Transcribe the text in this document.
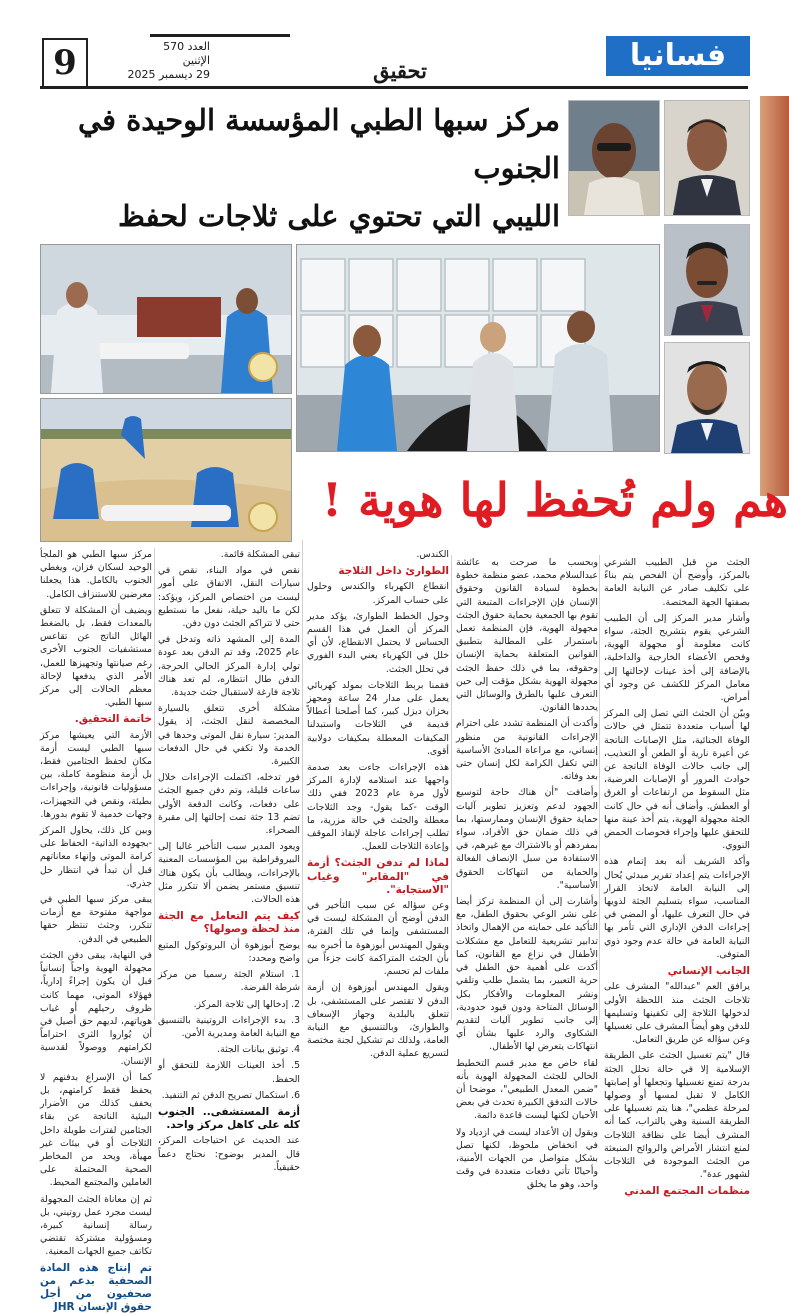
فسانيا
تحقيق
9	العدد 570
الإثنين
29 ديسمبر 2025
مركز سبها الطبي المؤسسة الوحيدة في الجنوب
الليبي التي تحتوي على ثلاجات لحفظ
هم ولم تُحفظ لها هوية !

الجثث من قبل الطبيب الشرعي بالمركز، وأوضح أن الفحص يتم بناءً على تكليف صادر عن النيابة العامة بصفتها الجهة المختصة.

وأشار مدير المركز إلى أن الطبيب الشرعي يقوم بتشريح الجثة، سواء كانت معلومة أو مجهولة الهوية، وفحص الأعضاء الخارجية والداخلية، بالإضافة إلى أخذ عينات لإحالتها إلى معامل المركز للكشف عن وجود أي أمراض.

وبيّن أن الجثث التي تصل إلى المركز لها أسباب متعددة تتمثل في حالات الوفاة الجنائية، مثل الإصابات الناتجة عن أعيرة نارية أو الطعن أو التعذيب، إلى جانب حالات الوفاة الناتجة عن حوادث المرور أو الإصابات العرضية، مثل السقوط من ارتفاعات أو الغرق أو العطش. وأضاف أنه في حال كانت الجثة مجهولة الهوية، يتم أخذ عينة منها للتحقق عليها وإجراء فحوصات الحمض النووي.

وأكد الشريف أنه بعد إتمام هذه الإجراءات يتم إعداد تقرير مبدئي يُحال إلى النيابة العامة لاتخاذ القرار المناسب، سواء بتسليم الجثة لذويها في حال التعرف عليها، أو المضي في إجراءات الدفن الإداري التي تأمر بها النيابة العامة في حالة عدم وجود ذوي المتوفى.

الجانب الإنساني

يرافق العم "عبدالله" المشرف على ثلاجات الجثث منذ اللحظة الأولى لدخولها الثلاجة إلى تكفينها وتسليمها للدفن وهو أيضاً المشرف على تغسيلها وعن سؤاله عن طريق التعامل.

قال "يتم تغسيل الجثث على الطريقة الإسلامية إلا في حالة تحلل الجثة بدرجة تمنع تغسيلها وتجعلها أو إصابتها الكامل لا تقبل لمسها أو وصولها لمرحلة عظمي"، هنا يتم تغسيلها على الطريقة السنية وهي بالتراب، كما أنه المشرف أيضا على نظافة الثلاجات لمنع انتشار الأمراض والروائح المنبعثة من الجثث الموجودة في الثلاجات لشهور عدة".

منظمات المجتمع المدني

وبحسب ما صرحت به عائشة عبدالسلام محمد، عضو منظمة خطوة بخطوة لسيادة القانون وحقوق الإنسان فإن الإجراءات المتبعة التي تقوم بها الجمعية بحماية حقوق الجثث مجهولة الهوية، فإن المنظمة تعمل باستمرار على المطالبة بتطبيق القوانين المتعلقة بحماية الإنسان وحقوقه، بما في ذلك حفظ الجثث مجهولة الهوية بشكل مؤقت إلى حين التعرف عليها بالطرق والوسائل التي يحددها القانون.

وأكدت أن المنظمة تشدد على احترام الإجراءات القانونية من منظور إنساني، مع مراعاة المبادئ الأساسية التي تكفل الكرامة لكل إنسان حتى بعد وفاته.

وأضافت "أن هناك حاجة لتوسيع الجهود لدعم وتعزيز تطوير آليات حماية حقوق الإنسان وممارستها، بما في ذلك ضمان حق الأفراد، سواء بمفردهم أو بالاشتراك مع غيرهم، في الاستفادة من سبل الإنصاف الفعالة والحماية من انتهاكات الحقوق الأساسية".

وأشارت إلى أن المنظمة تركز أيضا على نشر الوعي بحقوق الطفل، مع التأكيد على حمايته من الإهمال واتخاذ تدابير تشريعية للتعامل مع مشكلات الأطفال في نزاع مع القانون، كما أكدت على أهمية حق الطفل في حرية التعبير، بما يشمل طلب وتلقي ونشر المعلومات والأفكار بكل الوسائل المتاحة ودون قيود حدودية، إلى جانب تطوير آليات لتقديم الشكاوى والرد عليها بشأن أي انتهاكات يتعرض لها الأطفال.

لقاء خاص مع مدير قسم التخطيط الحالي للجثث المجهولة الهوية بأنه "ضمن المعدل الطبيعي"، موضحا أن حالات التدفق الكبيرة تحدث في بعض الأحيان لكنها ليست قاعدة دائمة.

ويقول إن الأعداد ليست في ازدياد ولا في انخفاض ملحوظ، لكنها تصل بشكل متواصل من الجهات الأمنية، وأحيانًا تأتي دفعات متعددة في وقت واحد، وهو ما يخلق

الكندس.

الطوارئ داخل الثلاجة

انقطاع الكهرباء والكندس وحلول على حساب المركز.

وحول الخطط الطوارئ، يؤكد مدير المركز أن العمل في هذا القسم الحساس لا يحتمل الانقطاع، لأن أي خلل في الكهرباء يعني البدء الفوري في تحلل الجثث.

فقمنا بربط الثلاجات بمولد كهربائي يعمل على مدار 24 ساعة ومجهز بخزان ديزل كبير، كما أصلحنا أعطالاً قديمة في الثلاجات واستبدلنا المكيفات المعطلة بمكيفات دولابية أقوى.

هذه الإجراءات جاءت بعد صدمة واجهها عند استلامه لإدارة المركز لأول مرة عام 2023 ففي ذلك الوقت -كما يقول- وجد الثلاجات معطلة والجثث في حالة مزرية، ما تطلب إجراءات عاجلة لإنقاذ الموقف وإعادة الثلاجات للعمل.

لماذا لم تدفن الجثث؟ أزمة في "المقابر" وغياب "الاستجابة".

وعن سؤاله عن سبب التأخير في الدفن أوضح أن المشكلة ليست في المستشفى وإنما في تلك الفترة، ويقول المهندس أبوزهوة ما أخبره بيه بأن الجثث المتراكمة كانت جزءاً من ملفات لم تحسم.

ويقول المهندس أبوزهوة إن أزمة الدفن لا تقتصر على المستشفى، بل تتعلق بالبلدية وجهاز الإسعاف والطوارئ، وبالتنسيق مع النيابة العامة، ولذلك تم تشكيل لجنة مختصة لتسريع عملية الدفن.

تبقى المشكلة قائمة.

نقص في مواد البناء، نقص في سيارات النقل، الاتفاق على أمور ليست من اختصاص المركز، ويؤكد: لكن ما باليد حيلة، نفعل ما نستطيع حتى لا تتراكم الجثث دون دفن.

المدة إلى المشهد ذاته وتدخل في عام 2025، وقد تم الدفن بعد عودة تولي إدارة المركز الحالي الحرجة، الدفن طال انتظاره، لم تعد هناك ثلاجة فارغة لاستقبال جثث جديدة.

مشكلة أخرى تتعلق بالسيارة المخصصة لنقل الجثث، إذ يقول المدير: سيارة نقل الموتى وحدها في الخدمة ولا تكفي في حال الدفعات الكبيرة.

فور تدخله، اكتملت الإجراءات خلال ساعات قليلة، وتم دفن جميع الجثث على دفعات، وكانت الدفعة الأولى تضم 13 جثة تمت إحالتها إلى مقبرة الصحراء.

ويعود المدير سبب التأخير غالبا إلى البيروقراطية بين المؤسسات المعنية بالإجراءات، ويطالب بأن يكون هناك تنسيق مستمر يضمن ألا تتكرر مثل هذه الحالات.

كيف يتم التعامل مع الجثة منذ لحظة وصولها؟

يوضح أبوزهوة أن البروتوكول المتبع واضح ومحدد:

1. استلام الجثة رسميا من مركز شرطة القرضة.

2. إدخالها إلى ثلاجة المركز.

3. بدء الإجراءات الروتينية بالتنسيق مع النيابة العامة ومديرية الأمن.

4. توثيق بيانات الجثة.

5. أخذ العينات اللازمة للتحقق أو الحفظ.

6. استكمال تصريح الدفن ثم التنفيذ.

أزمة المستشفى.. الجنوب كله على كاهل مركز واحد.

عند الحديث عن احتياجات المركز، قال المدير بوضوح: نحتاج دعماً حقيقياً.

مركز سبها الطبي هو الملجأ الوحيد لسكان فزان، ويغطي الجنوب بالكامل. هذا يجعلنا معرضين للاستنزاف الكامل.

ويضيف أن المشكلة لا تتعلق بالمعدات فقط، بل بالضغط الهائل الناتج عن تقاعس مستشفيات الجنوب الأخرى رغم صيانتها وتجهيزها للعمل، الأمر الذي يدفعها لإحالة معظم الحالات إلى مركز سبها الطبي.

خاتمة التحقيق.

الأزمة التي يعيشها مركز سبها الطبي ليست أزمة مكان لحفظ الجثامين فقط، بل أزمة منظومة كاملة، بين مسؤوليات قانونية، وإجراءات بطيئة، ونقص في التجهيزات، وجهات خدمية لا تقوم بدورها.

وبين كل ذلك، يحاول المركز -بجهوده الذاتية- الحفاظ على كرامة الموتى وإنهاء معاناتهم قبل أن تبدأ في انتظار حل جذري.

يبقى مركز سبها الطبي في مواجهة مفتوحة مع أزمات تتكرر، وجثث تنتظر حقها الطبيعي في الدفن.

في النهاية، يبقى دفن الجثث مجهولة الهوية واجباً إنسانياً قبل أن يكون إجراءً إدارياً، فهؤلاء الموتى، مهما كانت ظروف رحيلهم أو غياب هوياتهم، لديهم حق أصيل في أن يُواروا الثرى احتراماً لكرامتهم ووصولاً لقدسية الإنسان.

كما أن الإسراع بدفنهم لا يحفظ فقط كرامتهم، بل يخفف كذلك من الأضرار البيئية الناتجة عن بقاء الجثامين لفترات طويلة داخل الثلاجات أو في بيئات غير مهيأة، ويحد من المخاطر الصحية المحتملة على العاملين والمجتمع المحيط.

ثم إن معاناة الجثث المجهولة ليست مجرد عمل روتيني، بل رسالة إنسانية كبيرة، ومسؤولية مشتركة تقتضي تكاتف جميع الجهات المعنية.

تم إنتاج هذه المادة الصحفية بدعم من صحفيون من أجل حقوق الإنسان JHR
